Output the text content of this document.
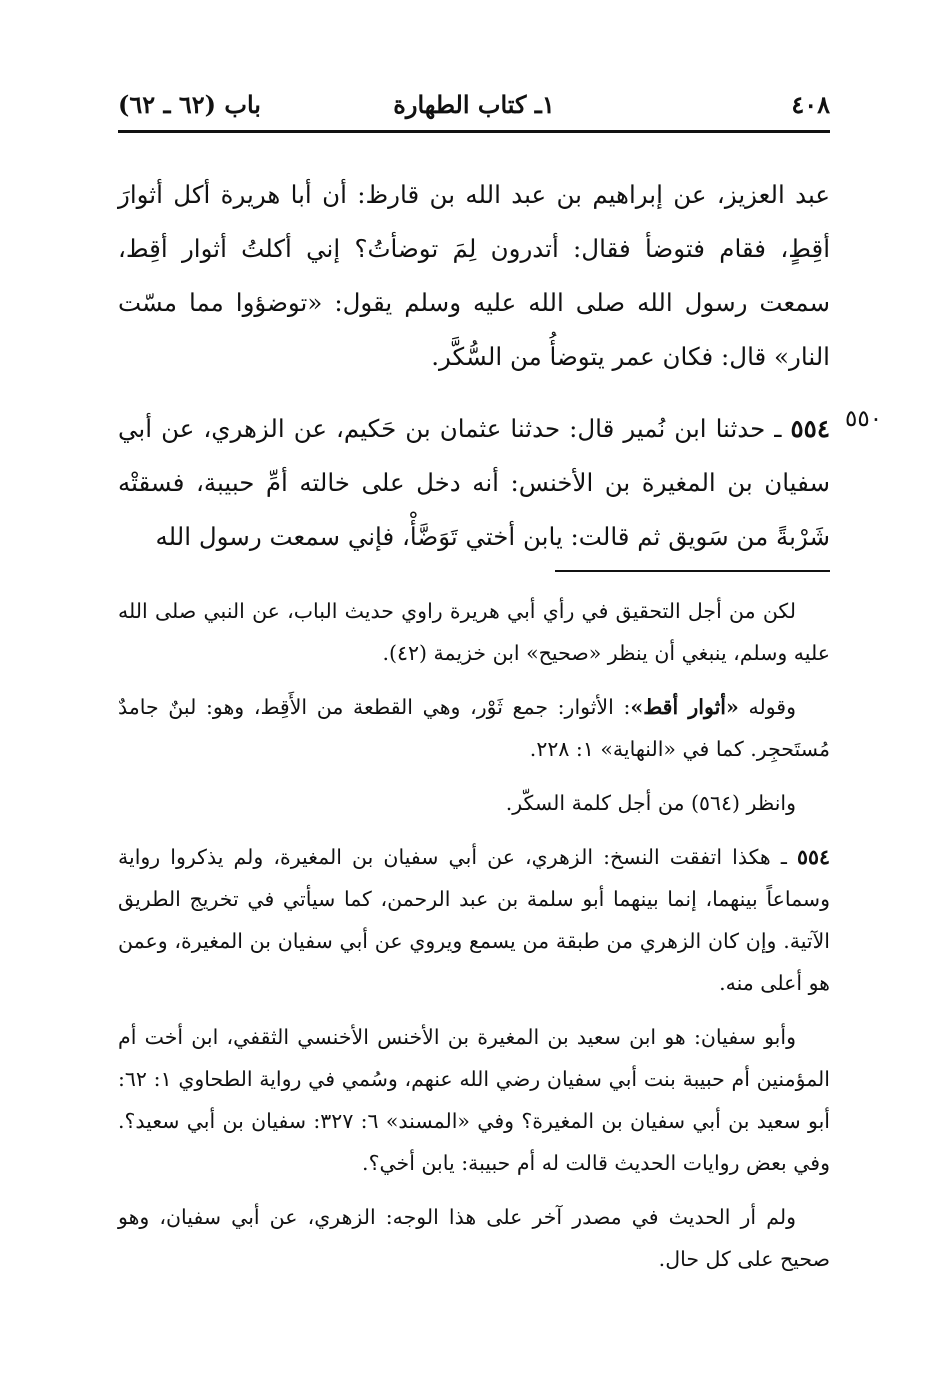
٤٠٨
١ـ كتاب الطهارة
باب (٦٢ ـ ٦٢)

عبد العزيز، عن إبراهيم بن عبد الله بن قارظ: أن أبا هريرة أكل أثوارَ أقِطٍ، فقام فتوضأ فقال: أتدرون لِمَ توضأتُ؟ إني أكلتُ أثوار أقِط، سمعت رسول الله صلى الله عليه وسلم يقول: «توضؤوا مما مسّت النار» قال: فكان عمر يتوضأُ من السُّكَّر.

٥٥٤ ـ حدثنا ابن نُمير قال: حدثنا عثمان بن حَكيم، عن الزهري، عن أبي سفيان بن المغيرة بن الأخنس: أنه دخل على خالته أمِّ حبيبة، فسقتْه شَرْبةً من سَويق ثم قالت: يابن أختي تَوَضَّأْ، فإني سمعت رسول الله

٥٥٠

لكن من أجل التحقيق في رأي أبي هريرة راوي حديث الباب، عن النبي صلى الله عليه وسلم، ينبغي أن ينظر «صحيح» ابن خزيمة (٤٢).

وقوله «أثوار أقط»: الأثوار: جمع ثَوْر، وهي القطعة من الأَقِط، وهو: لبنٌ جامدٌ مُستَحجِر. كما في «النهاية» ١: ٢٢٨.

وانظر (٥٦٤) من أجل كلمة السكّر.

٥٥٤ ـ هكذا اتفقت النسخ: الزهري، عن أبي سفيان بن المغيرة، ولم يذكروا رواية وسماعاً بينهما، إنما بينهما أبو سلمة بن عبد الرحمن، كما سيأتي في تخريج الطريق الآتية. وإن كان الزهري من طبقة من يسمع ويروي عن أبي سفيان بن المغيرة، وعمن هو أعلى منه.

وأبو سفيان: هو ابن سعيد بن المغيرة بن الأخنس الأخنسي الثقفي، ابن أخت أم المؤمنين أم حبيبة بنت أبي سفيان رضي الله عنهم، وسُمي في رواية الطحاوي ١: ٦٢: أبو سعيد بن أبي سفيان بن المغيرة؟ وفي «المسند» ٦: ٣٢٧: سفيان بن أبي سعيد؟. وفي بعض روايات الحديث قالت له أم حبيبة: يابن أخي؟.

ولم أر الحديث في مصدر آخر على هذا الوجه: الزهري، عن أبي سفيان، وهو صحيح على كل حال.
